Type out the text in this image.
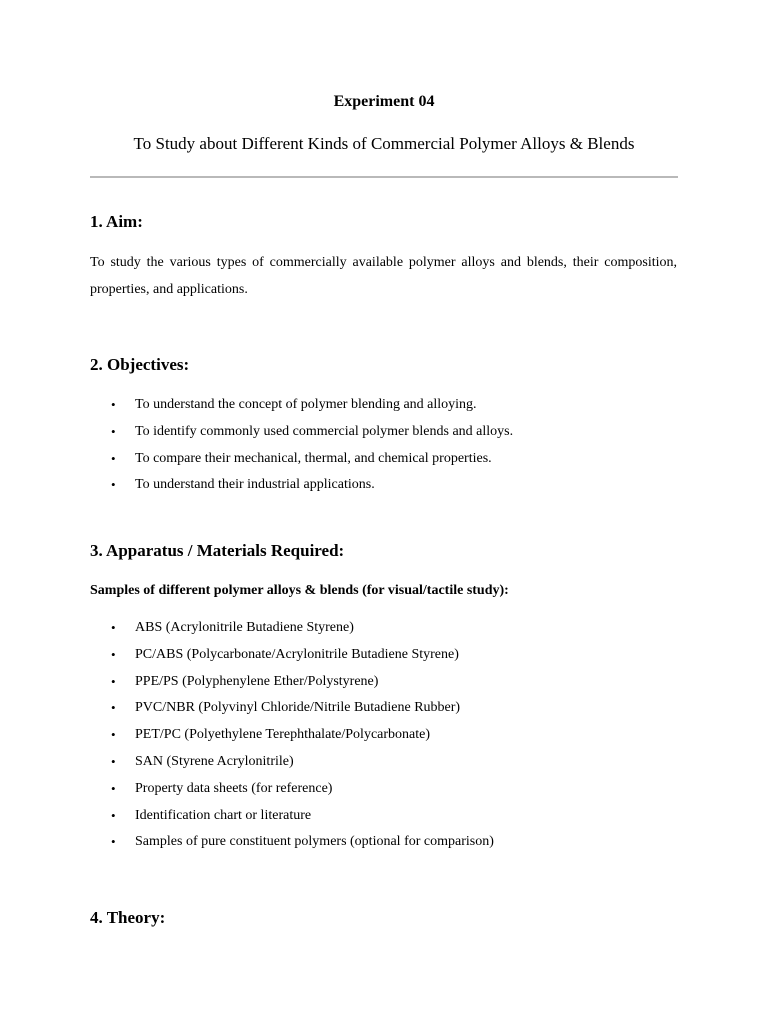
Experiment 04
To Study about Different Kinds of Commercial Polymer Alloys & Blends
1. Aim:

To study the various types of commercially available polymer alloys and blends, their composition, properties, and applications.

2. Objectives:
• To understand the concept of polymer blending and alloying.
• To identify commonly used commercial polymer blends and alloys.
• To compare their mechanical, thermal, and chemical properties.
• To understand their industrial applications.
3. Apparatus / Materials Required:

Samples of different polymer alloys & blends (for visual/tactile study):

• ABS (Acrylonitrile Butadiene Styrene)
• PC/ABS (Polycarbonate/Acrylonitrile Butadiene Styrene)
• PPE/PS (Polyphenylene Ether/Polystyrene)
• PVC/NBR (Polyvinyl Chloride/Nitrile Butadiene Rubber)
• PET/PC (Polyethylene Terephthalate/Polycarbonate)
• SAN (Styrene Acrylonitrile)
• Property data sheets (for reference)
• Identification chart or literature
• Samples of pure constituent polymers (optional for comparison)
4. Theory:
